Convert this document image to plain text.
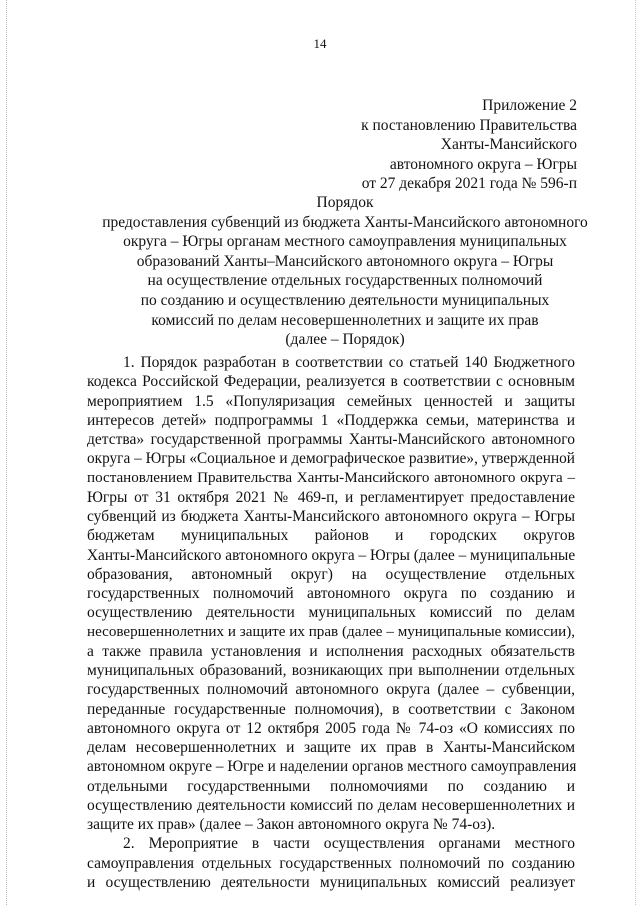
14
Приложение 2
к постановлению Правительства
Ханты-Мансийского
автономного округа – Югры
от 27 декабря 2021 года № 596-п
Порядок
предоставления субвенций из бюджета Ханты-Мансийского автономного
округа – Югры органам местного самоуправления муниципальных
образований Ханты–Мансийского автономного округа – Югры
на осуществление отдельных государственных полномочий
по созданию и осуществлению деятельности муниципальных
комиссий по делам несовершеннолетних и защите их прав
(далее – Порядок)
1. Порядок разработан в соответствии со статьей 140 Бюджетного
кодекса Российской Федерации, реализуется в соответствии с основным
мероприятием 1.5 «Популяризация семейных ценностей и защиты
интересов детей» подпрограммы 1 «Поддержка семьи, материнства и
детства» государственной программы Ханты-Мансийского автономного
округа – Югры «Социальное и демографическое развитие», утвержденной
постановлением Правительства Ханты-Мансийского автономного округа –
Югры от 31 октября 2021 № 469-п, и регламентирует предоставление
субвенций из бюджета Ханты-Мансийского автономного округа – Югры
бюджетам муниципальных районов и городских округов
Ханты-Мансийского автономного округа – Югры (далее – муниципальные
образования, автономный округ) на осуществление отдельных
государственных полномочий автономного округа по созданию и
осуществлению деятельности муниципальных комиссий по делам
несовершеннолетних и защите их прав (далее – муниципальные комиссии),
а также правила установления и исполнения расходных обязательств
муниципальных образований, возникающих при выполнении отдельных
государственных полномочий автономного округа (далее – субвенции,
переданные государственные полномочия), в соответствии с Законом
автономного округа от 12 октября 2005 года № 74-оз «О комиссиях по
делам несовершеннолетних и защите их прав в Ханты-Мансийском
автономном округе – Югре и наделении органов местного самоуправления
отдельными государственными полномочиями по созданию и
осуществлению деятельности комиссий по делам несовершеннолетних и
защите их прав» (далее – Закон автономного округа № 74-оз).
2. Мероприятие в части осуществления органами местного
самоуправления отдельных государственных полномочий по созданию
и осуществлению деятельности муниципальных комиссий реализует
